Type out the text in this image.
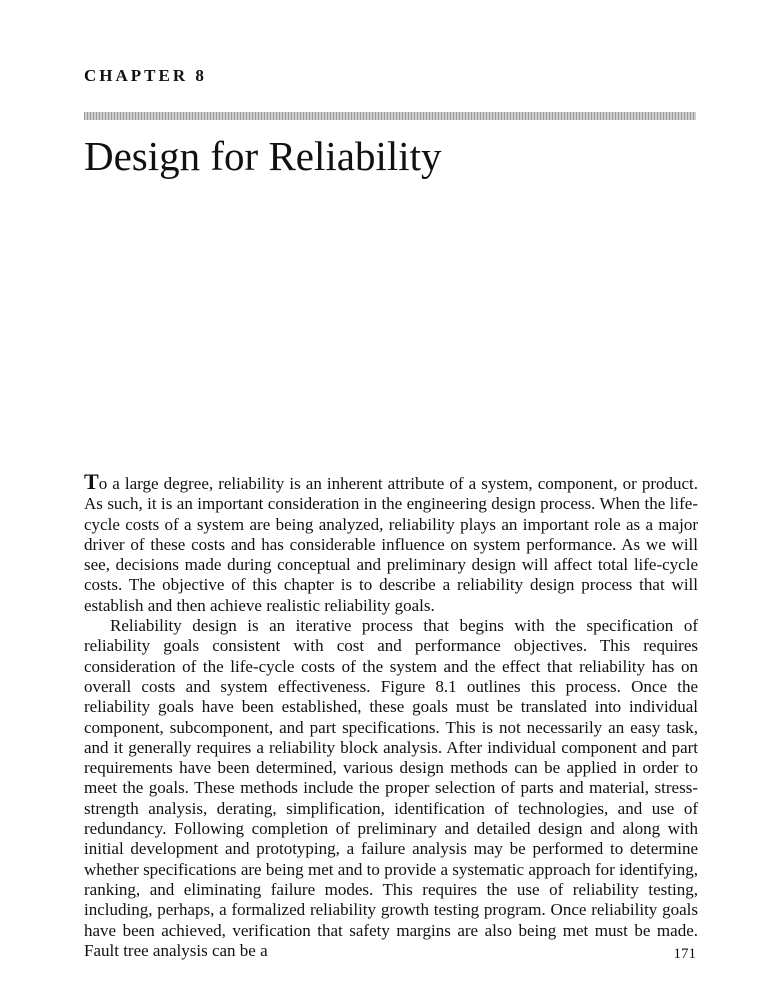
CHAPTER 8
Design for Reliability

To a large degree, reliability is an inherent attribute of a system, component, or product. As such, it is an important consideration in the engineering design process. When the life-cycle costs of a system are being analyzed, reliability plays an important role as a major driver of these costs and has considerable influence on system performance. As we will see, decisions made during conceptual and preliminary design will affect total life-cycle costs. The objective of this chapter is to describe a reliability design process that will establish and then achieve realistic reliability goals.

Reliability design is an iterative process that begins with the specification of reliability goals consistent with cost and performance objectives. This requires consideration of the life-cycle costs of the system and the effect that reliability has on overall costs and system effectiveness. Figure 8.1 outlines this process. Once the reliability goals have been established, these goals must be translated into individual component, subcomponent, and part specifications. This is not necessarily an easy task, and it generally requires a reliability block analysis. After individual component and part requirements have been determined, various design methods can be applied in order to meet the goals. These methods include the proper selection of parts and material, stress-strength analysis, derating, simplification, identification of technologies, and use of redundancy. Following completion of preliminary and detailed design and along with initial development and prototyping, a failure analysis may be performed to determine whether specifications are being met and to provide a systematic approach for identifying, ranking, and eliminating failure modes. This requires the use of reliability testing, including, perhaps, a formalized reliability growth testing program. Once reliability goals have been achieved, verification that safety margins are also being met must be made. Fault tree analysis can be a	171
